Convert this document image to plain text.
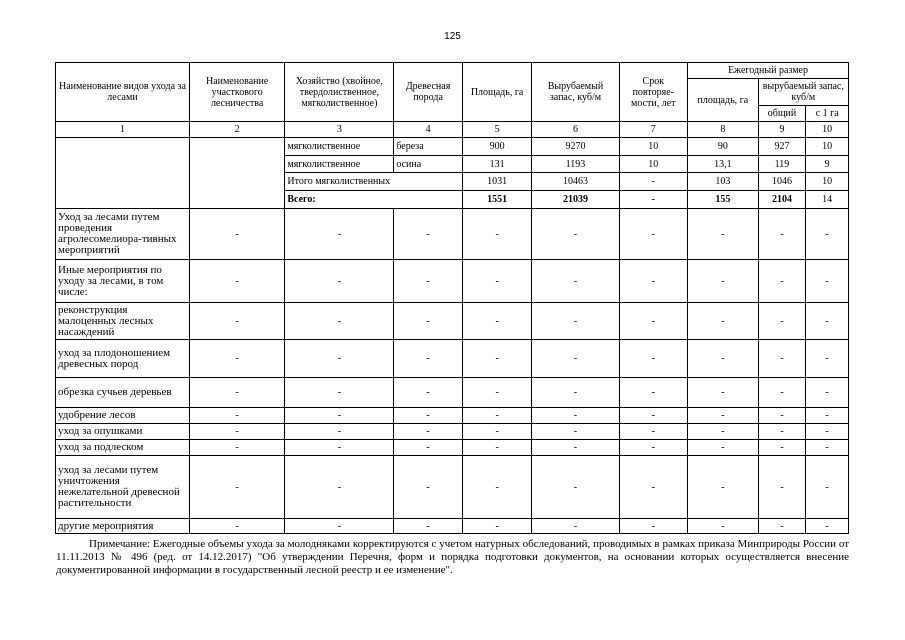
125
Наименование видов ухода за лесами	Наименование участкового лесничества	Хозяйство (хвойное, твердолиственное, мягколиственное)	Древесная порода	Площадь, га	Вырубаемый запас, куб/м	Срок повторяе-мости, лет	Ежегодный размер		
							площадь, га	вырубаемый запас, куб/м	
								общий	с 1 га
1	2	3	4	5	6	7	8	9	10
		мягколиственное	береза	900	9270	10	90	927	10
		мягколиственное	осина	131	1193	10	13,1	119	9
		Итого мягколиственных		1031	10463	-	103	1046	10
		Всего:		1551	21039	-	155	2104	14
Уход за лесами путем проведения агролесомелиора-тивных мероприятий	-	-	-	-	-	-	-	-	-
Иные мероприятия по уходу за лесами, в том числе:	-	-	-	-	-	-	-	-	-
реконструкция малоценных лесных насаждений	-	-	-	-	-	-	-	-	-
уход за плодоношением древесных пород	-	-	-	-	-	-	-	-	-
обрезка сучьев деревьев	-	-	-	-	-	-	-	-	-
удобрение лесов	-	-	-	-	-	-	-	-	-
уход за опушками	-	-	-	-	-	-	-	-	-
уход за подлеском	-	-	-	-	-	-	-	-	-
уход за лесами путем уничтожения нежелательной древесной растительности	-	-	-	-	-	-	-	-	-
другие мероприятия	-	-	-	-	-	-	-	-	-
Примечание: Ежегодные объемы ухода за молодняками корректируются с учетом натурных обследований, проводимых в рамках приказа Минприроды России от 11.11.2013 № 496 (ред. от 14.12.2017) "Об утверждении Перечня, форм и порядка подготовки документов, на основании которых осуществляется внесение документированной информации в государственный лесной реестр и ее изменение".
